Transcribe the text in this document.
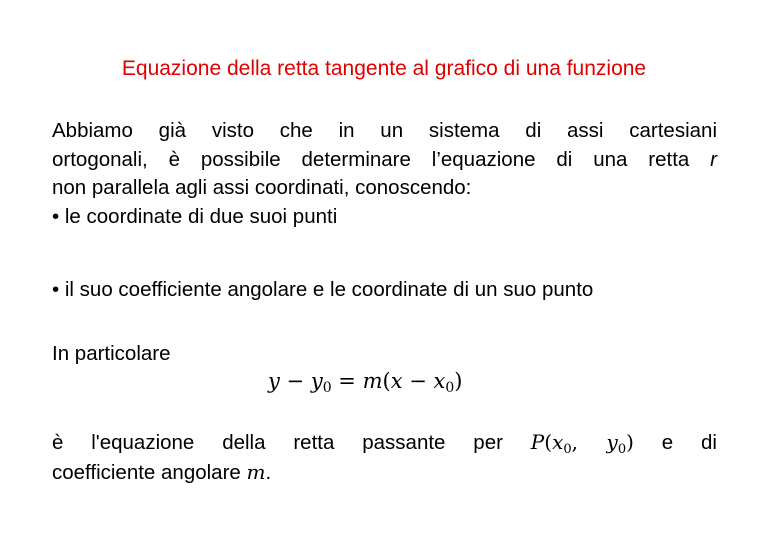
Equazione della retta tangente al grafico di una funzione
Abbiamo già visto che in un sistema di assi cartesiani
ortogonali, è possibile determinare l’equazione di una retta r
non parallela agli assi coordinati, conoscendo:
• le coordinate di due suoi punti
• il suo coefficiente angolare e le coordinate di un suo punto
In particolare
$y - y_0 = m(x - x_0)$
è l'equazione della retta passante per $P(x_0$, $y_0$) e di
coefficiente angolare m.
